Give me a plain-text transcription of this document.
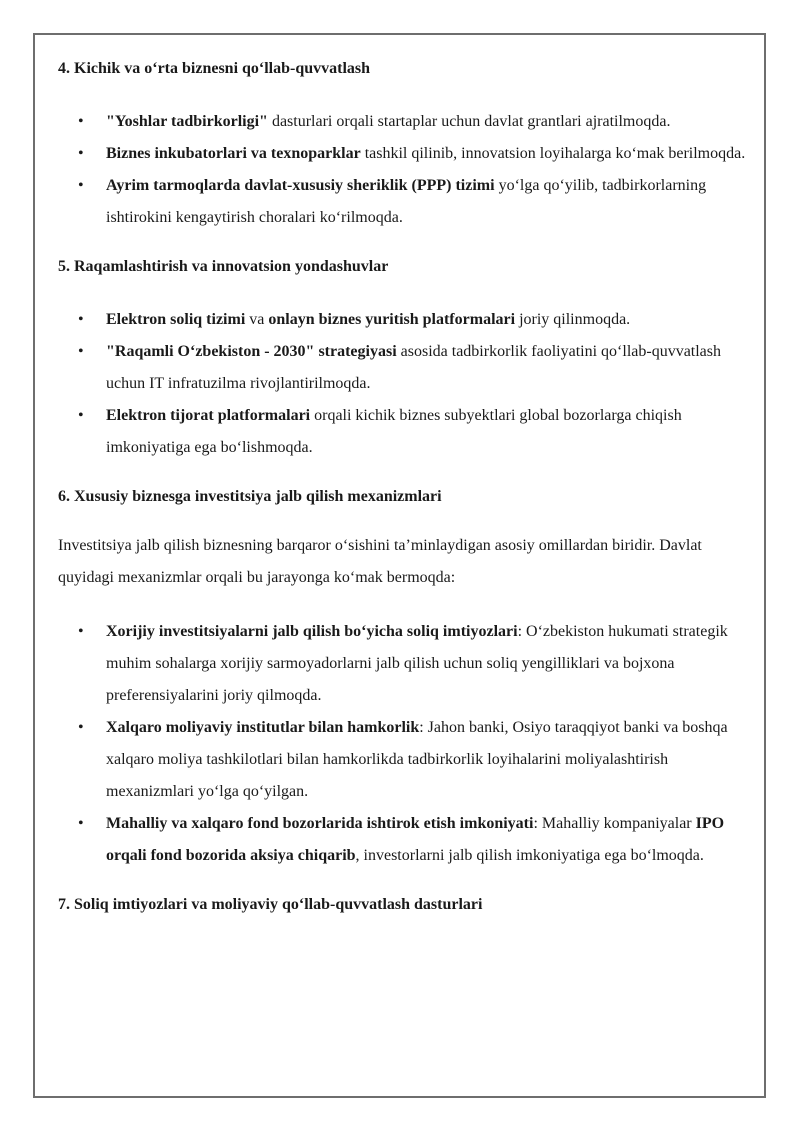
4. Kichik va o‘rta biznesni qo‘llab-quvvatlash
• "Yoshlar tadbirkorligi" dasturlari orqali startaplar uchun davlat grantlari ajratilmoqda.
• Biznes inkubatorlari va texnoparklar tashkil qilinib, innovatsion loyihalarga ko‘mak berilmoqda.
• Ayrim tarmoqlarda davlat-xususiy sheriklik (PPP) tizimi yo‘lga qo‘yilib, tadbirkorlarning ishtirokini kengaytirish choralari ko‘rilmoqda.
5. Raqamlashtirish va innovatsion yondashuvlar
• Elektron soliq tizimi va onlayn biznes yuritish platformalari joriy qilinmoqda.
• "Raqamli O‘zbekiston - 2030" strategiyasi asosida tadbirkorlik faoliyatini qo‘llab-quvvatlash uchun IT infratuzilma rivojlantirilmoqda.
• Elektron tijorat platformalari orqali kichik biznes subyektlari global bozorlarga chiqish imkoniyatiga ega bo‘lishmoqda.
6. Xususiy biznesga investitsiya jalb qilish mexanizmlari

Investitsiya jalb qilish biznesning barqaror o‘sishini ta’minlaydigan asosiy omillardan biridir. Davlat quyidagi mexanizmlar orqali bu jarayonga ko‘mak bermoqda:

• Xorijiy investitsiyalarni jalb qilish bo‘yicha soliq imtiyozlari: O‘zbekiston hukumati strategik muhim sohalarga xorijiy sarmoyadorlarni jalb qilish uchun soliq yengilliklari va bojxona preferensiyalarini joriy qilmoqda.
• Xalqaro moliyaviy institutlar bilan hamkorlik: Jahon banki, Osiyo taraqqiyot banki va boshqa xalqaro moliya tashkilotlari bilan hamkorlikda tadbirkorlik loyihalarini moliyalashtirish mexanizmlari yo‘lga qo‘yilgan.
• Mahalliy va xalqaro fond bozorlarida ishtirok etish imkoniyati: Mahalliy kompaniyalar IPO orqali fond bozorida aksiya chiqarib, investorlarni jalb qilish imkoniyatiga ega bo‘lmoqda.
7. Soliq imtiyozlari va moliyaviy qo‘llab-quvvatlash dasturlari
